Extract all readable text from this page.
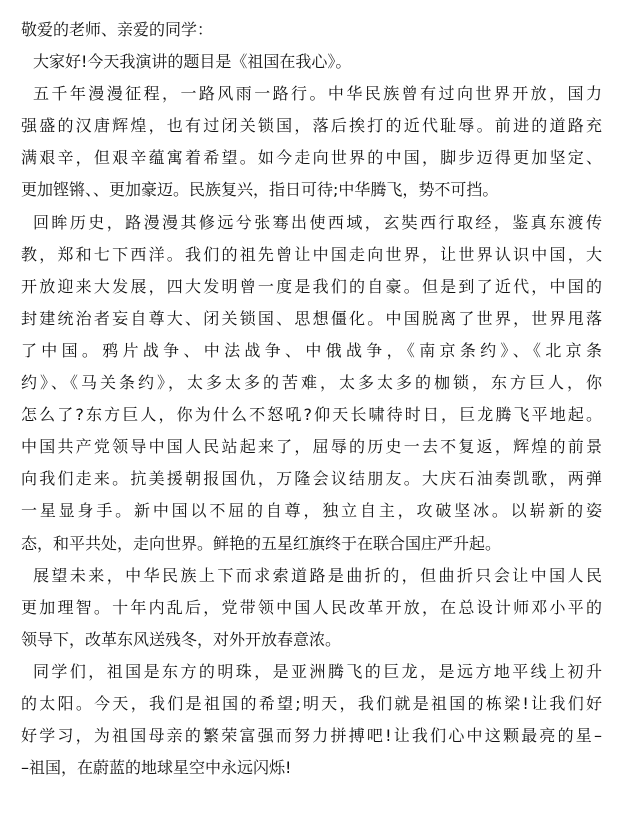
敬爱的老师、亲爱的同学：
大家好!今天我演讲的题目是《祖国在我心》。
五千年漫漫征程，一路风雨一路行。中华民族曾有过向世界开放，国力
强盛的汉唐辉煌，也有过闭关锁国，落后挨打的近代耻辱。前进的道路充
满艰辛，但艰辛蕴寓着希望。如今走向世界的中国，脚步迈得更加坚定、
更加铿锵、、更加豪迈。民族复兴，指日可待;中华腾飞，势不可挡。
回眸历史，路漫漫其修远兮张骞出使西域，玄奘西行取经，鉴真东渡传
教，郑和七下西洋。我们的祖先曾让中国走向世界，让世界认识中国，大
开放迎来大发展，四大发明曾一度是我们的自豪。但是到了近代，中国的
封建统治者妄自尊大、闭关锁国、思想僵化。中国脱离了世界，世界甩落
了中国。鸦片战争、中法战争、中俄战争，《南京条约》、《北京条
约》、《马关条约》，太多太多的苦难，太多太多的枷锁，东方巨人，你
怎么了?东方巨人，你为什么不怒吼?仰天长啸待时日，巨龙腾飞平地起。
中国共产党领导中国人民站起来了，屈辱的历史一去不复返，辉煌的前景
向我们走来。抗美援朝报国仇，万隆会议结朋友。大庆石油奏凯歌，两弹
一星显身手。新中国以不屈的自尊，独立自主，攻破坚冰。以崭新的姿
态，和平共处，走向世界。鲜艳的五星红旗终于在联合国庄严升起。
展望未来，中华民族上下而求索道路是曲折的，但曲折只会让中国人民
更加理智。十年内乱后，党带领中国人民改革开放，在总设计师邓小平的
领导下，改革东风送残冬，对外开放春意浓。
同学们，祖国是东方的明珠，是亚洲腾飞的巨龙，是远方地平线上初升
的太阳。今天，我们是祖国的希望;明天，我们就是祖国的栋梁!让我们好
好学习，为祖国母亲的繁荣富强而努力拼搏吧!让我们心中这颗最亮的星–
–祖国，在蔚蓝的地球星空中永远闪烁!
